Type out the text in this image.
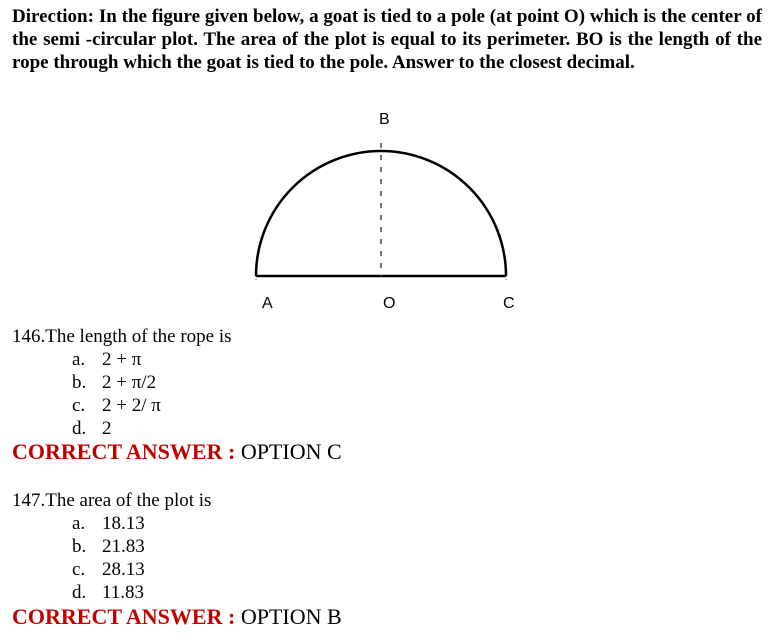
Direction: In the figure given below, a goat is tied to a pole (at point O) which is the center of the semi -circular plot. The area of the plot is equal to its perimeter. BO is the length of the rope through which the goat is tied to the pole. Answer to the closest decimal.

B
A	O	C
146.The length of the rope is
a. 2 + π
b. 2 + π/2
c. 2 + 2/ π
d. 2
CORRECT ANSWER : OPTION C
147.The area of the plot is
a. 18.13
b. 21.83
c. 28.13
d. 11.83
CORRECT ANSWER : OPTION B
